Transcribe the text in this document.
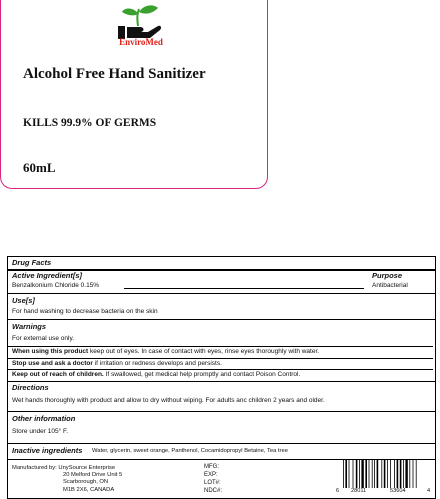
EnviroMed
Alcohol Free Hand Sanitizer
KILLS 99.9% OF GERMS
60mL
Drug Facts
Active Ingredient[s]	Purpose
Benzalkonium Chloride 0.15%	Antibacterial
Use[s]
For hand washing to decrease bacteria on the skin
Warnings
For external use only.
When using this product keep out of eyes. In case of contact with eyes, rinse eyes thoroughly with water.
Stop use and ask a doctor if irritation or redness develops and persists.
Keep out of reach of children. If swallowed, get medical help promptly and contact Poison Control.
Directions
Wet hands thoroughly with product and allow to dry without wiping. For adults anc children 2 years and older.
Other information
Store under 105° F.
Inactive ingredients Water, glycerin, sweet orange, Panthenol, Cocamidopropyl Betaine, Tea tree
Manufactured by: UnySource Enterprise
20 Melford Drive Unit 5
Scarborough, ON
M1B 2X6, CANADA
MFG:
EXP:
LOT#:
NDC#:	6 28011	53604	4
